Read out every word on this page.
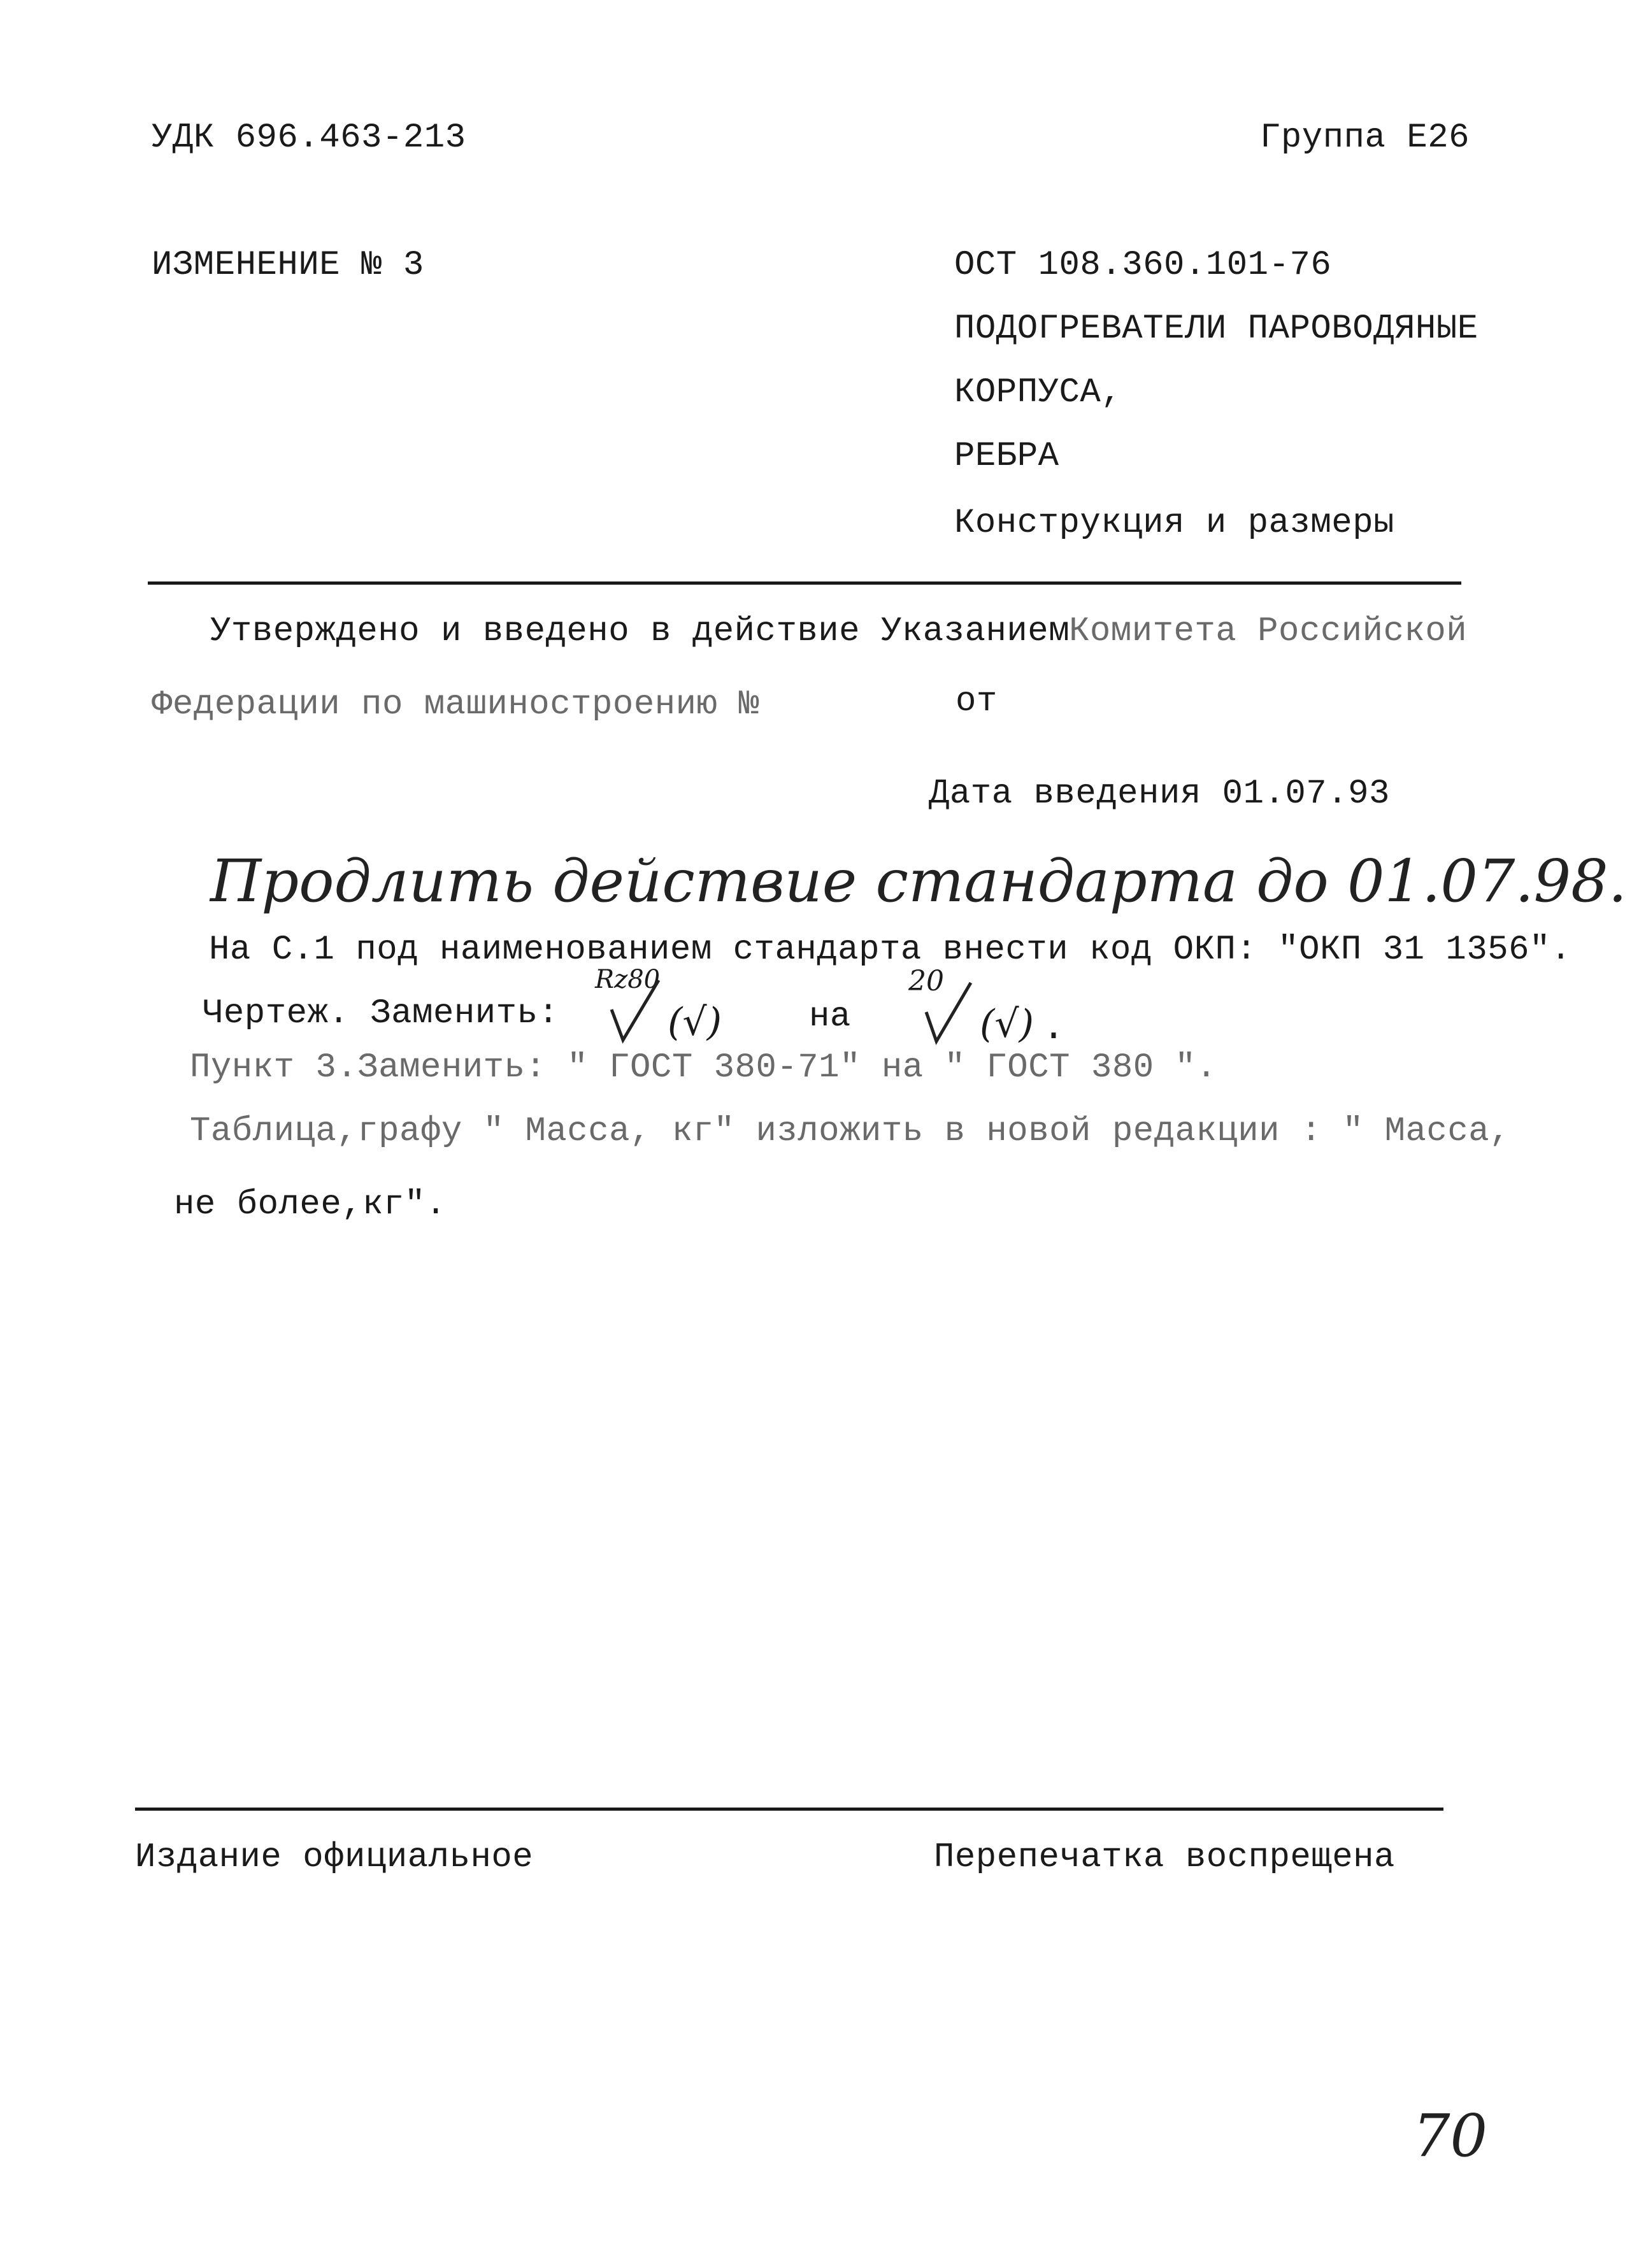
УДК 696.463-213	Группа Е26
ИЗМЕНЕНИЕ № 3	ОСТ 108.360.101-76
ПОДОГРЕВАТЕЛИ ПАРОВОДЯНЫЕ
КОРПУСА,
РЕБРА
Конструкция и размеры
Утверждено и введено в действие Указанием
Комитета Российской
Федерации по машиностроению №	от
Дата введения 01.07.93
Продлить действие стандарта до 01.07.98.
На С.1 под наименованием стандарта внести код ОКП: "ОКП 31 1356".
Чертеж. Заменить:
Rz80
(√)	на
20
(√) .
Пункт 3.Заменить: " ГОСТ 380-71" на " ГОСТ 380 ".
Таблица,графу " Масса, кг" изложить в новой редакции : " Масса,
не более,кг".
Издание официальное	Перепечатка воспрещена
70
